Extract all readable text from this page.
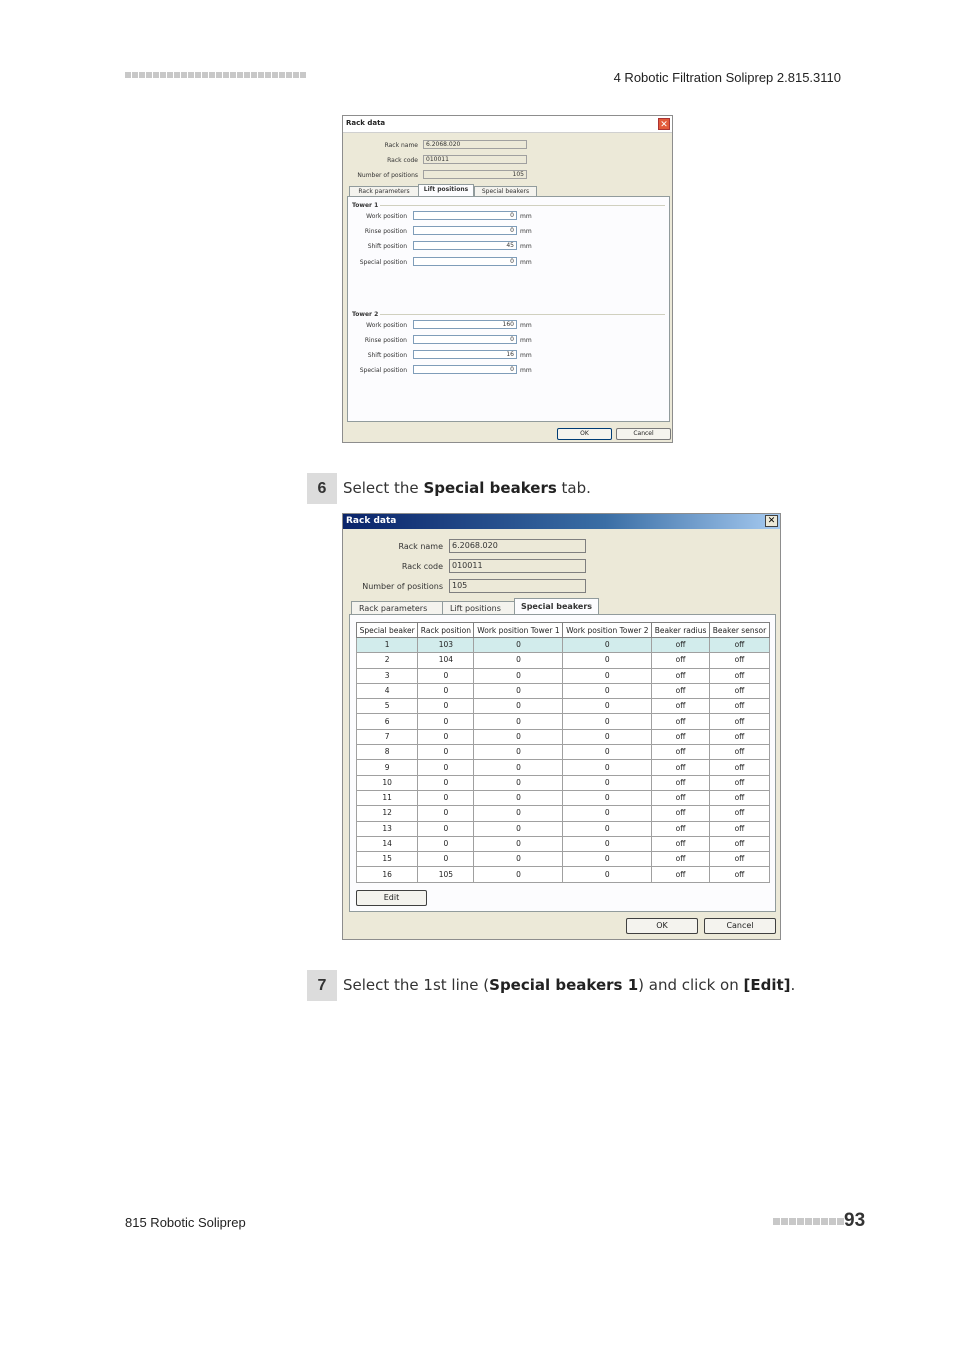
4 Robotic Filtration Soliprep 2.815.3110
Rack data	✕
Rack name	6.2068.020
Rack code	010011
Number of positions	105
Rack parameters	Lift positions	Special beakers
Tower 1
Work position	0	mm
Rinse position	0	mm
Shift position	45	mm
Special position	0	mm
Tower 2
Work position	160	mm
Rinse position	0	mm
Shift position	16	mm
Special position	0	mm
OK	Cancel
6	Select the Special beakers tab.
Rack data	✕
Rack name	6.2068.020
Rack code	010011
Number of positions	105
Rack parameters	Lift positions	Special beakers
Special beaker	Rack position	Work position Tower 1	Work position Tower 2	Beaker radius	Beaker sensor
1	103	0	0	off	off
2	104	0	0	off	off
3	0	0	0	off	off
4	0	0	0	off	off
5	0	0	0	off	off
6	0	0	0	off	off
7	0	0	0	off	off
8	0	0	0	off	off
9	0	0	0	off	off
10	0	0	0	off	off
11	0	0	0	off	off
12	0	0	0	off	off
13	0	0	0	off	off
14	0	0	0	off	off
15	0	0	0	off	off
16	105	0	0	off	off
Edit
OK	Cancel
7	Select the 1st line (Special beakers 1) and click on [Edit].
815 Robotic Soliprep	93
